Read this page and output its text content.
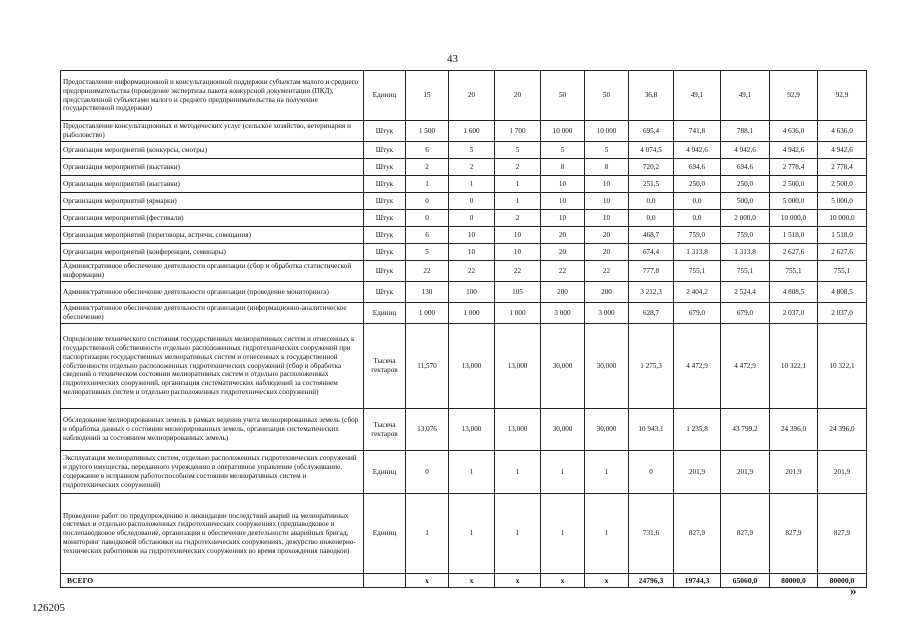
43
Предоставление информационной и консультационной поддержки субъектам малого и среднего предпринимательства (проведение экспертизы пакета конкурсной документации (ПКД), представленной субъектами малого и среднего предпринимательства на получение государственной поддержки)	Единиц	15	20	20	50	50	36,8	49,1	49,1	92,9	92,9
Предоставление консультационных и методических услуг (сельское хозяйство, ветеринария и рыболовство)	Штук	1 500	1 600	1 700	10 000	10 000	695,4	741,8	788,1	4 636,0	4 636,0
Организация мероприятий (конкурсы, смотры)	Штук	6	5	5	5	5	4 074,5	4 942,6	4 942,6	4 942,6	4 942,6
Организация мероприятий (выставки)	Штук	2	2	2	8	8	720,2	694,6	694,6	2 778,4	2 778,4
Организация мероприятий (выставки)	Штук	1	1	1	10	10	251,5	250,0	250,0	2 500,0	2 500,0
Организация мероприятий (ярмарки)	Штук	0	0	1	10	10	0,0	0,0	500,0	5 000,0	5 000,0
Организация мероприятий (фестивали)	Штук	0	0	2	10	10	0,0	0,0	2 000,0	10 000,0	10 000,0
Организация мероприятий (переговоры, встречи, совещания)	Штук	6	10	10	20	20	468,7	759,0	759,0	1 518,0	1 518,0
Организация мероприятий (конференции, семинары)	Штук	5	10	10	20	20	674,4	1 313,8	1 313,8	2 627,6	2 627,6
Административное обеспечение деятельности организации (сбор и обработка статистической информации)	Штук	22	22	22	22	22	777,8	755,1	755,1	755,1	755,1
Административное обеспечение деятельности организации (проведение мониторинга)	Штук	130	100	105	200	200	3 212,3	2 404,2	2 524,4	4 808,5	4 808,5
Административное обеспечение деятельности организации (информационно-аналитическое обеспечение)	Единиц	1 000	1 000	1 000	3 000	3 000	628,7	679,0	679,0	2 037,0	2 037,0
Определение технического состояния государственных мелиоративных систем и отнесенных к государственной собственности отдельно расположенных гидротехнических сооружений при паспортизации государственных мелиоративных систем и отнесенных к государственной собственности отдельно расположенных гидротехнических сооружений (сбор и обработка сведений о техническом состоянии мелиоративных систем и отдельно расположенных гидротехнических сооружений, организация систематических наблюдений за состоянием мелиоративных систем и отдельно расположенных гидротехнических сооружений)	Тысяча гектаров	11,570	13,000	13,000	30,000	30,000	1 275,3	4 472,9	4 472,9	10 322,1	10 322,1
Обследование мелиорированных земель в рамках ведения учета мелиорированных земель (сбор и обработка данных о состоянии мелиорированных земель, организация систематических наблюдений за состоянием мелиорированных земель)	Тысяча гектаров	13,076	13,000	13,000	30,000	30,000	10 943,1	1 235,8	43 799,2	24 396,0	24 396,0
Эксплуатация мелиоративных систем, отдельно расположенных гидротехнических сооружений и другого имущества, переданного учреждению в оперативное управление (обслуживание, содержание в исправном работоспособном состоянии мелиоративных систем и гидротехнических сооружений)	Единиц	0	1	1	1	1	0	201,9	201,9	201,9	201,9
Проведение работ по предупреждению и ликвидации последствий аварий на мелиоративных системах и отдельно расположенных гидротехнических сооружениях (предпаводковое и послепаводковое обследование, организация и обеспечение деятельности аварийных бригад, мониторинг паводковой обстановки на гидротехнических сооружениях, дежурство инженерно-технических работников на гидротехнических сооружениях во время прохождения паводков)	Единиц	1	1	1	1	1	731,6	827,9	827,9	827,9	827,9
ВСЕГО		х	х	х	х	х	24796,3	19744,3	65060,0	80000,0	80000,0
»
126205
